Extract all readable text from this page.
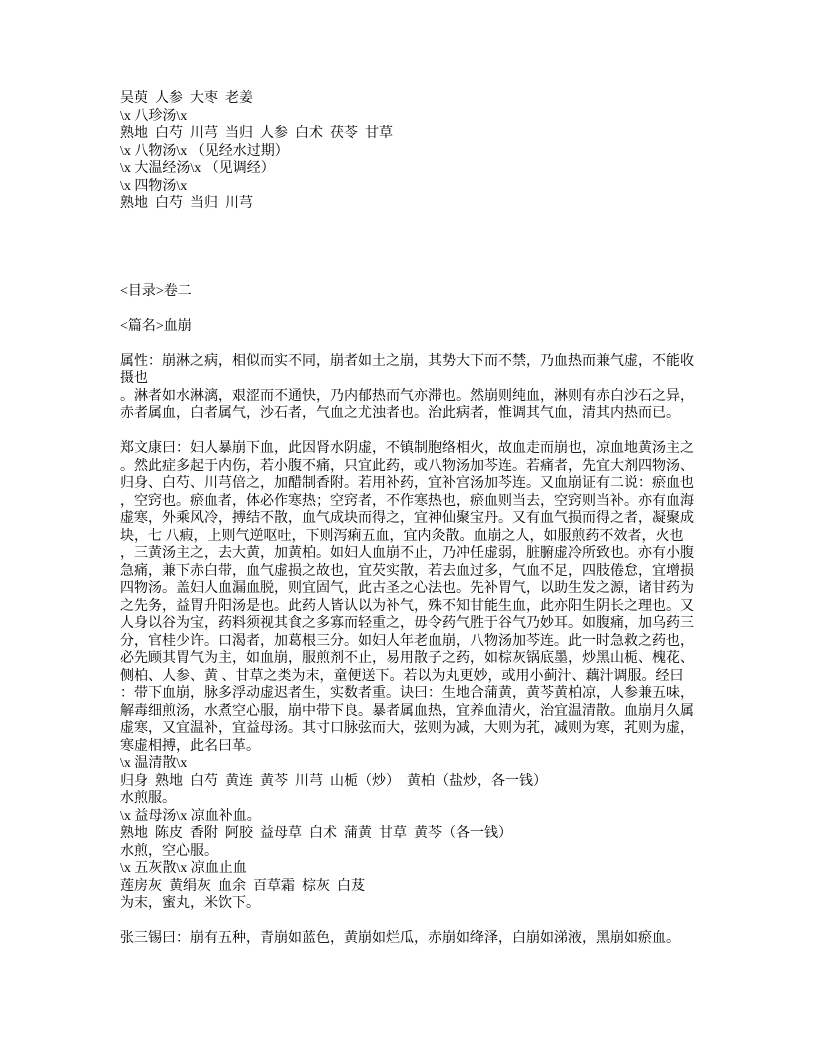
吴萸  人参  大枣  老姜

\x 八珍汤\x

熟地  白芍  川芎  当归  人参  白术  茯苓  甘草

\x 八物汤\x （见经水过期）

\x 大温经汤\x （见调经）

\x 四物汤\x

熟地  白芍  当归  川芎

<目录>卷二

<篇名>血崩

属性：崩淋之病，相似而实不同，崩者如土之崩，其势大下而不禁，乃血热而兼气虚，不能收摄也

。淋者如水淋漓，艰涩而不通快，乃内郁热而气亦滞也。然崩则纯血，淋则有赤白沙石之异，赤者属血，白者属气，沙石者，气血之尤浊者也。治此病者，惟调其气血，清其内热而已。

郑文康曰：妇人暴崩下血，此因肾水阴虚，不镇制胞络相火，故血走而崩也，凉血地黄汤主之。然此症多起于内伤，若小腹不痛，只宜此药，或八物汤加芩连。若痛者，先宜大剂四物汤、归身、白芍、川芎倍之，加醋制香附。若用补药，宜补宫汤加芩连。又血崩证有二说：瘀血也，空窍也。瘀血者，体必作寒热；空窍者，不作寒热也，瘀血则当去，空窍则当补。亦有血海虚寒，外乘风冷，搏结不散，血气成块而得之，宜神仙聚宝丹。又有血气损而得之者，凝聚成块，七 八瘕，上则气逆呕吐，下则泻痢五血，宜内灸散。血崩之人，如服煎药不效者，火也，三黄汤主之，去大黄，加黄柏。如妇人血崩不止，乃冲任虚弱，脏腑虚冷所致也。亦有小腹急痛，兼下赤白带，血气虚损之故也，宜芡实散，若去血过多，气血不足，四肢倦怠，宜增损四物汤。盖妇人血漏血脱，则宜固气，此古圣之心法也。先补胃气，以助生发之源，诸甘药为之先务，益胃升阳汤是也。此药人皆认以为补气，殊不知甘能生血，此亦阳生阴长之理也。又人身以谷为宝，药料须视其食之多寡而轻重之，毋令药气胜于谷气乃妙耳。如腹痛，加乌药三分，官桂少许。口渴者，加葛根三分。如妇人年老血崩，八物汤加芩连。此一时急救之药也，必先顾其胃气为主，如血崩，服煎剂不止，易用散子之药，如棕灰锅底墨，炒黑山栀、槐花、侧柏、人参、黄 、甘草之类为末，童便送下。若以为丸更妙，或用小蓟汁、藕汁调服。经曰：带下血崩，脉多浮动虚迟者生，实数者重。诀曰：生地合蒲黄，黄芩黄柏凉，人参兼五味，解毒细煎汤，水煮空心服，崩中带下良。暴者属血热，宜养血清火，治宜温清散。血崩月久属虚寒，又宜温补，宜益母汤。其寸口脉弦而大，弦则为减，大则为芤，减则为寒，芤则为虚，寒虚相搏，此名曰革。

\x 温清散\x

归身  熟地  白芍  黄连  黄芩  川芎  山栀（炒）  黄柏（盐炒，各一钱）

水煎服。

\x 益母汤\x 凉血补血。

熟地  陈皮  香附  阿胶  益母草  白术  蒲黄  甘草  黄芩（各一钱）

水煎，空心服。

\x 五灰散\x 凉血止血

莲房灰  黄绢灰  血余  百草霜  棕灰  白芨

为末，蜜丸，米饮下。

张三锡曰：崩有五种，青崩如蓝色，黄崩如烂瓜，赤崩如绛泽，白崩如涕液，黑崩如瘀血。
